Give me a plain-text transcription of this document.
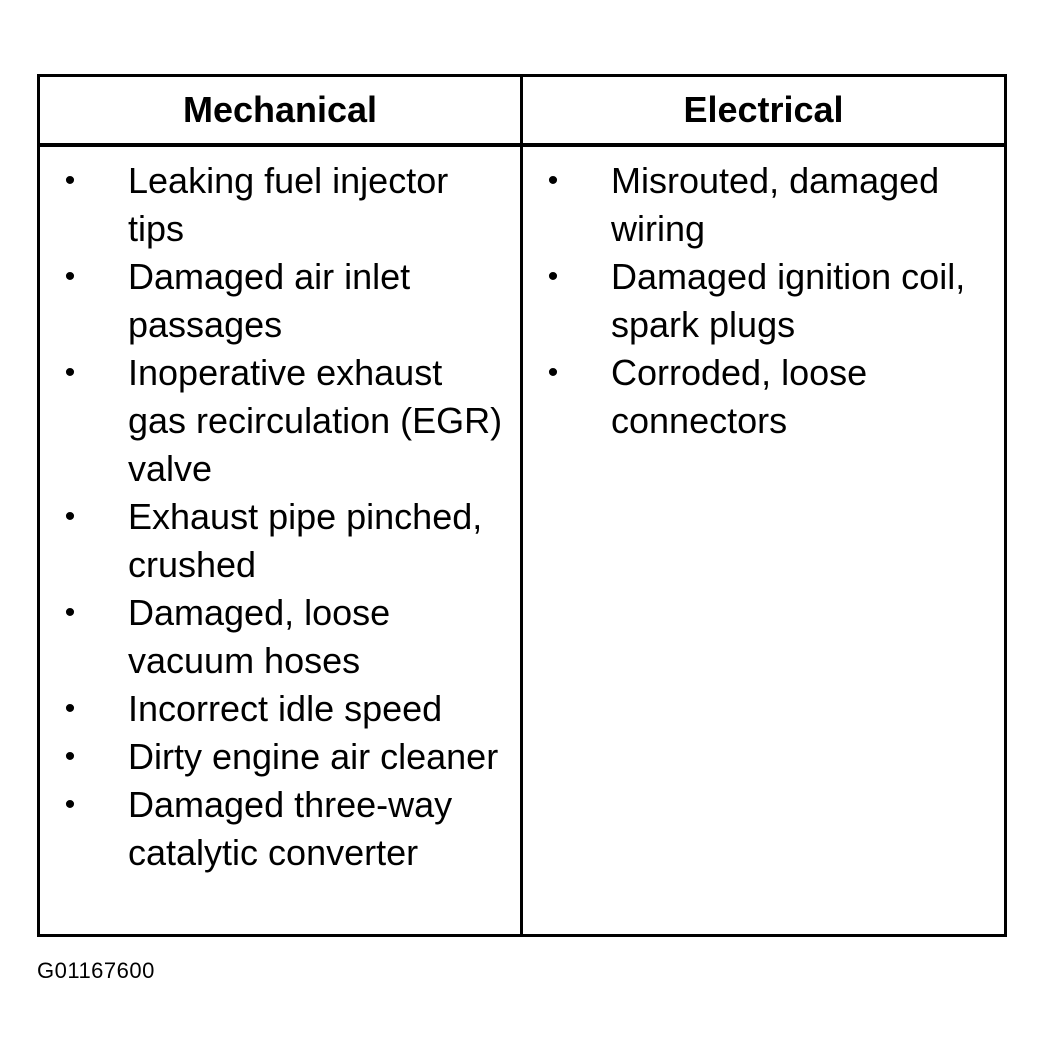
Mechanical	Electrical
• Leaking fuel injector tips
• Damaged air inlet passages
• Inoperative exhaust gas recirculation (EGR) valve
• Exhaust pipe pinched, crushed
• Damaged, loose vacuum hoses
• Incorrect idle speed
• Dirty engine air cleaner
• Damaged three-way catalytic converter
• Misrouted, damaged wiring
• Damaged ignition coil, spark plugs
• Corroded, loose connectors
G01167600
